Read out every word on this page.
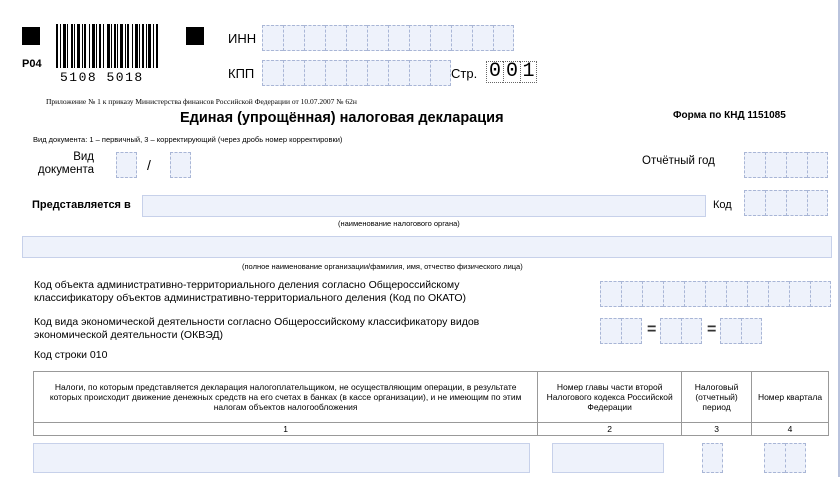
Р04
5108 5018
ИНН
КПП	Стр. 0 0 1
Приложение № 1 к приказу Министерства финансов Российской Федерации от 10.07.2007 № 62н
Единая (упрощённая) налоговая декларация	Форма по КНД 1151085
Вид документа: 1 – первичный, 3 – корректирующий (через дробь номер корректировки)
Вид
документа	/	Отчётный год
Представляется в
(наименование налогового органа)
Код
(полное наименование организации/фамилия, имя, отчество физического лица)
Код объекта административно-территориального деления согласно Общероссийскому
классификатору объектов административно-территориального деления (Код по ОКАТО)
Код вида экономической деятельности согласно Общероссийскому классификатору видов
экономической деятельности (ОКВЭД)	=	=
Код строки 010
Налоги, по которым представляется декларация налогоплательщиком, не осуществляющим операции, в результате которых происходит движение денежных средств на его счетах в банках (в кассе организации), и не имеющим по этим налогам объектов налогообложения	Номер главы части второй Налогового кодекса Российской Федерации	Налоговый (отчетный) период	Номер квартала
1	2	3	4
